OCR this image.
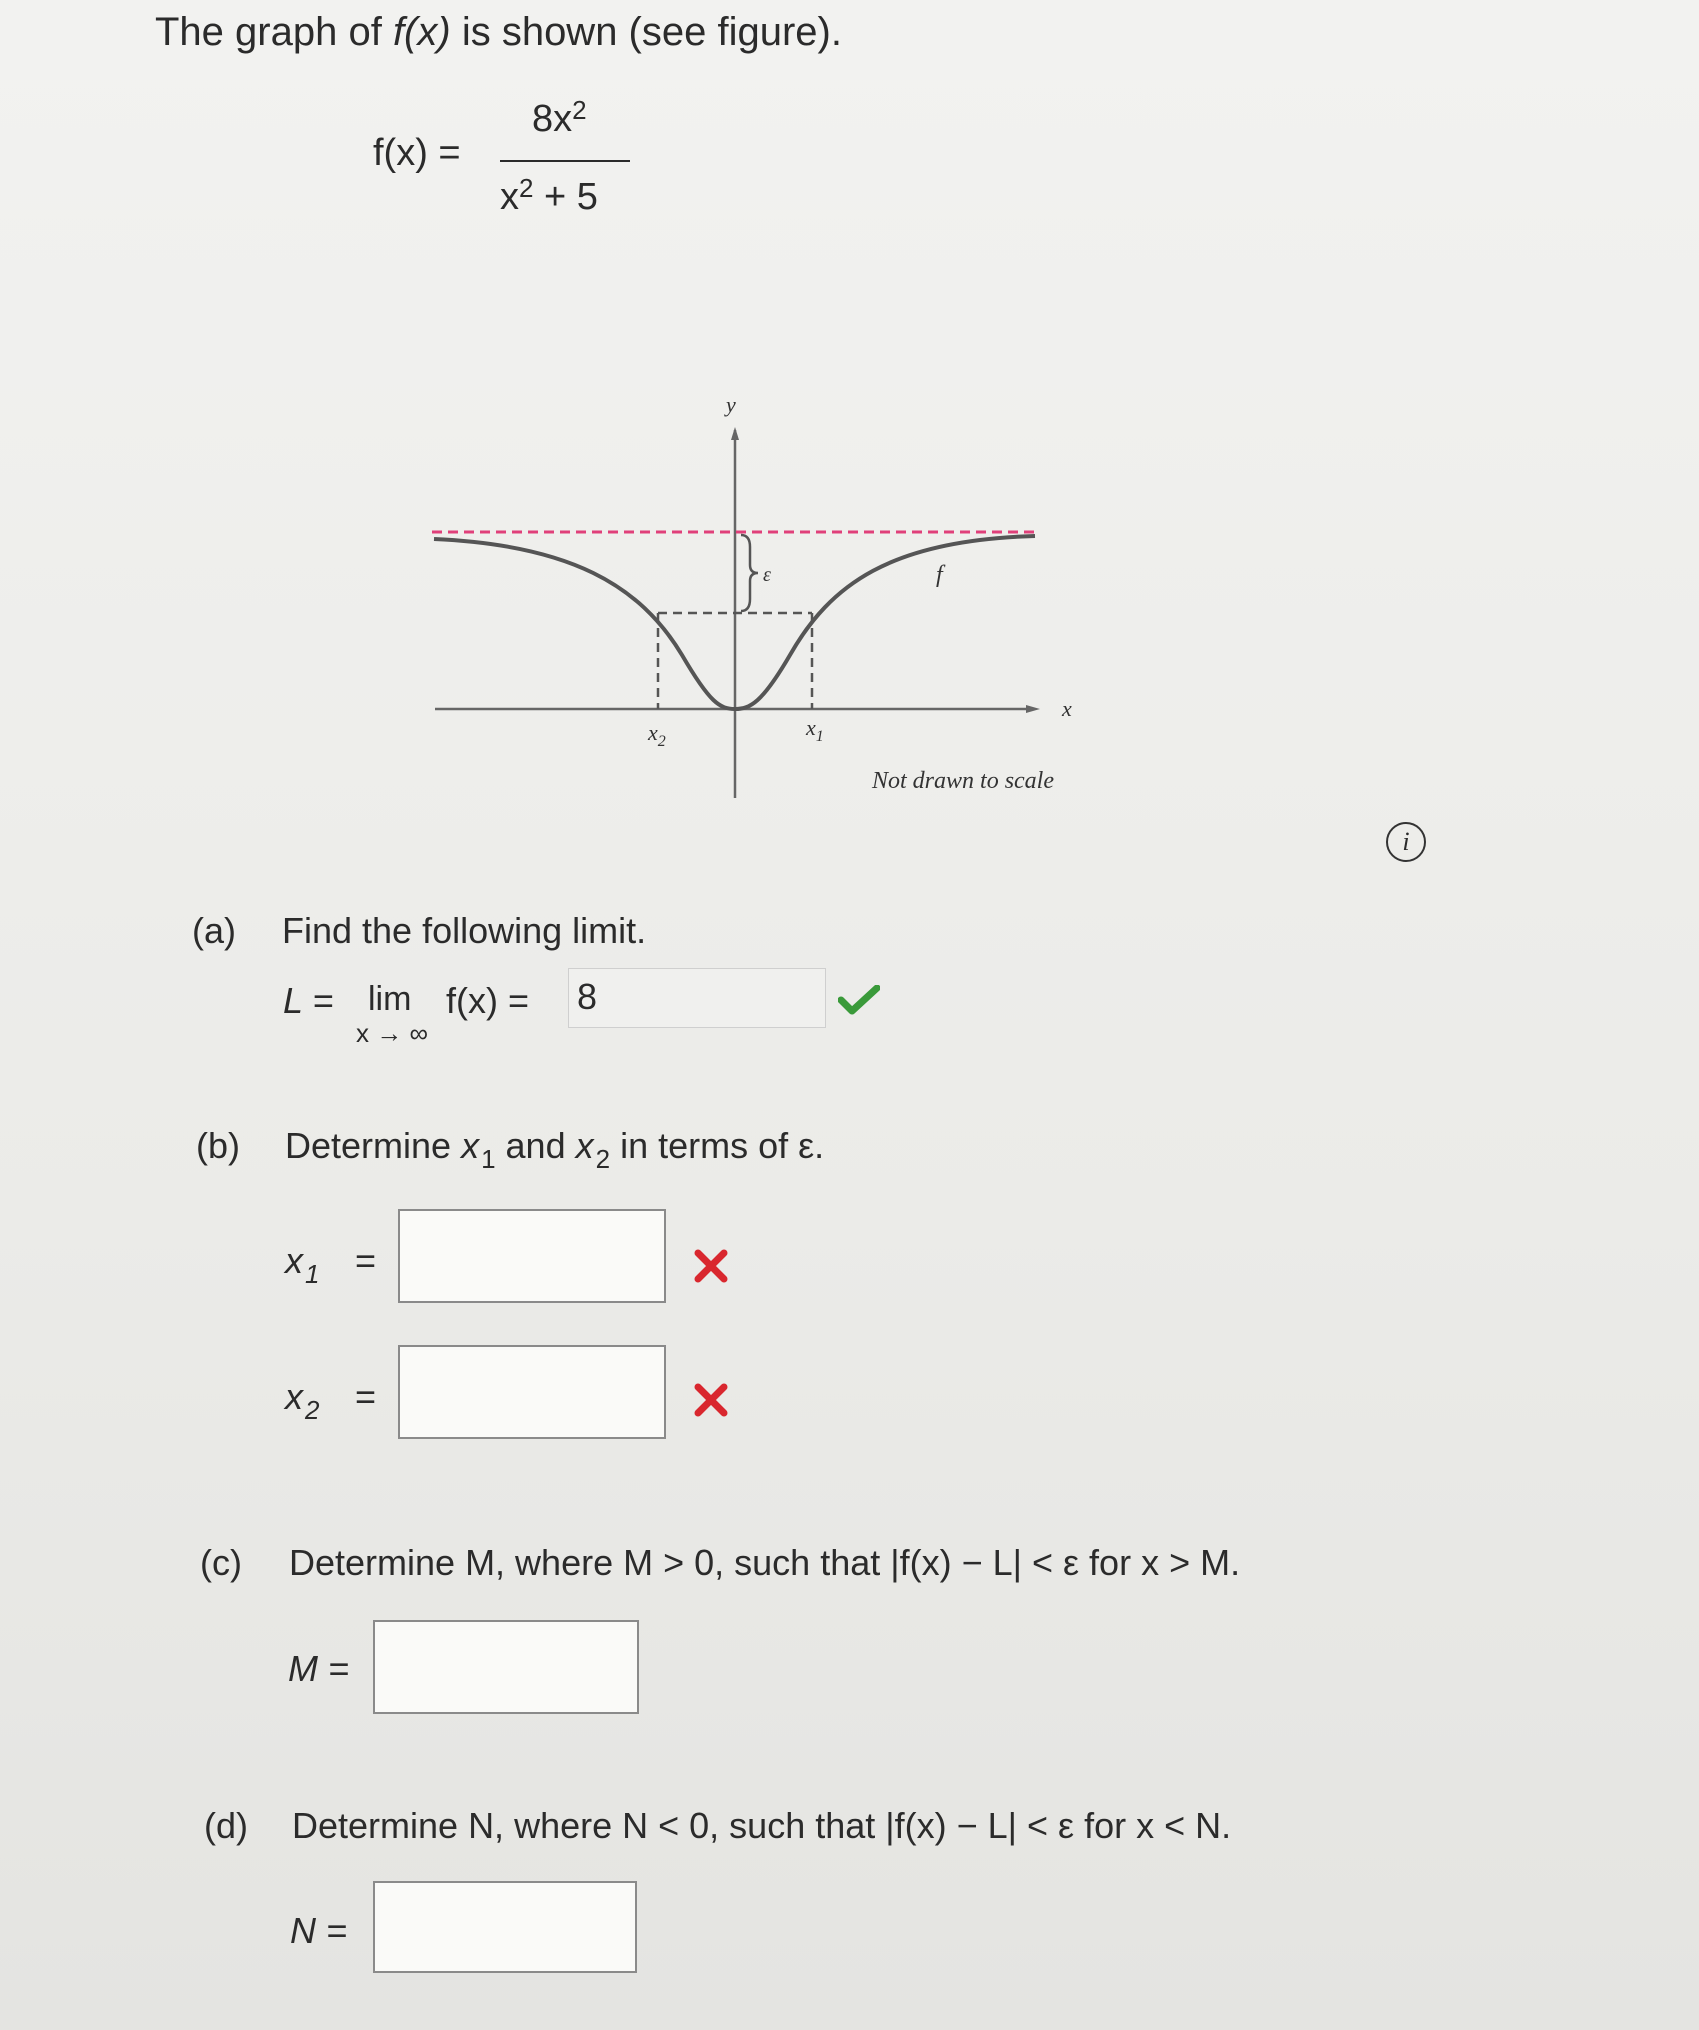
The graph of f(x) is shown (see figure).
f(x) =
$8x^2$
$x^2 + 5$
ε
y
x
f
$x_2$
$x_1$
Not drawn to scale
i
(a) Find the following limit.
L = lim
x → ∞
f(x) = 8
(b) Determine $x_1$ and $x_2$ in terms of ε.
$x_1$ =
$x_2$ =
(c) Determine M, where M > 0, such that |f(x) − L| < ε for x > M.
M =
(d) Determine N, where N < 0, such that |f(x) − L| < ε for x < N.
N =
